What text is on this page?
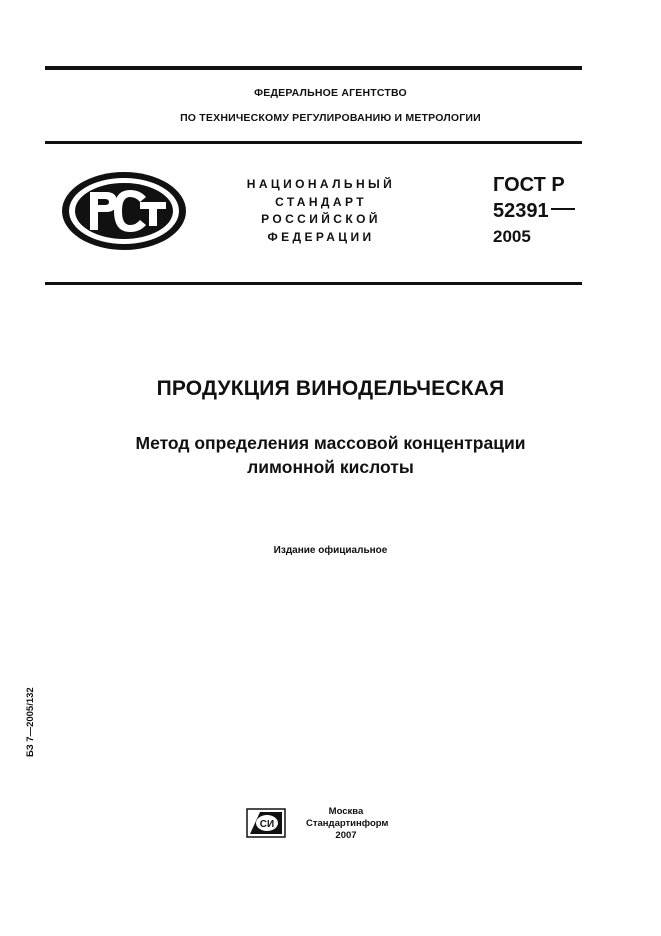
ФЕДЕРАЛЬНОЕ АГЕНТСТВО
ПО ТЕХНИЧЕСКОМУ РЕГУЛИРОВАНИЮ И МЕТРОЛОГИИ
НАЦИОНАЛЬНЫЙ
СТАНДАРТ
РОССИЙСКОЙ
ФЕДЕРАЦИИ
ГОСТ Р
52391
2005
ПРОДУКЦИЯ ВИНОДЕЛЬЧЕСКАЯ
Метод определения массовой концентрации
лимонной кислоты
Издание официальное
БЗ 7—2005/132
СИ
Москва
Стандартинформ
2007
